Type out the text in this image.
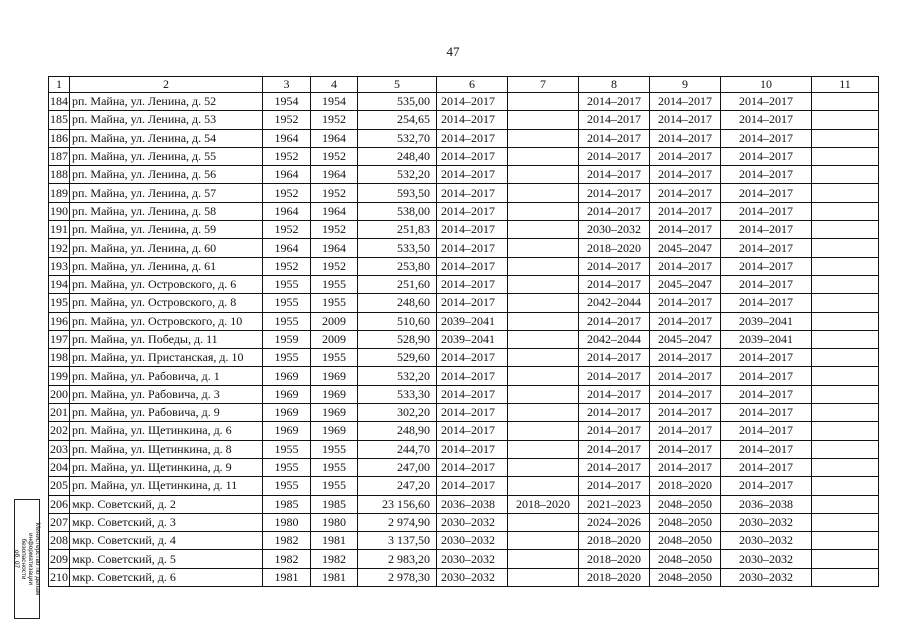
47
1	2	3	4	5	6	7	8	9	10	11
184	рп. Майна, ул. Ленина, д. 52	1954	1954	535,00	2014–2017		2014–2017	2014–2017	2014–2017	
185	рп. Майна, ул. Ленина, д. 53	1952	1952	254,65	2014–2017		2014–2017	2014–2017	2014–2017	
186	рп. Майна, ул. Ленина, д. 54	1964	1964	532,70	2014–2017		2014–2017	2014–2017	2014–2017	
187	рп. Майна, ул. Ленина, д. 55	1952	1952	248,40	2014–2017		2014–2017	2014–2017	2014–2017	
188	рп. Майна, ул. Ленина, д. 56	1964	1964	532,20	2014–2017		2014–2017	2014–2017	2014–2017	
189	рп. Майна, ул. Ленина, д. 57	1952	1952	593,50	2014–2017		2014–2017	2014–2017	2014–2017	
190	рп. Майна, ул. Ленина, д. 58	1964	1964	538,00	2014–2017		2014–2017	2014–2017	2014–2017	
191	рп. Майна, ул. Ленина, д. 59	1952	1952	251,83	2014–2017		2030–2032	2014–2017	2014–2017	
192	рп. Майна, ул. Ленина, д. 60	1964	1964	533,50	2014–2017		2018–2020	2045–2047	2014–2017	
193	рп. Майна, ул. Ленина, д. 61	1952	1952	253,80	2014–2017		2014–2017	2014–2017	2014–2017	
194	рп. Майна, ул. Островского, д. 6	1955	1955	251,60	2014–2017		2014–2017	2045–2047	2014–2017	
195	рп. Майна, ул. Островского, д. 8	1955	1955	248,60	2014–2017		2042–2044	2014–2017	2014–2017	
196	рп. Майна, ул. Островского, д. 10	1955	2009	510,60	2039–2041		2014–2017	2014–2017	2039–2041	
197	рп. Майна, ул. Победы, д. 11	1959	2009	528,90	2039–2041		2042–2044	2045–2047	2039–2041	
198	рп. Майна, ул. Пристанская, д. 10	1955	1955	529,60	2014–2017		2014–2017	2014–2017	2014–2017	
199	рп. Майна, ул. Рабовича, д. 1	1969	1969	532,20	2014–2017		2014–2017	2014–2017	2014–2017	
200	рп. Майна, ул. Рабовича, д. 3	1969	1969	533,30	2014–2017		2014–2017	2014–2017	2014–2017	
201	рп. Майна, ул. Рабовича, д. 9	1969	1969	302,20	2014–2017		2014–2017	2014–2017	2014–2017	
202	рп. Майна, ул. Щетинкина, д. 6	1969	1969	248,90	2014–2017		2014–2017	2014–2017	2014–2017	
203	рп. Майна, ул. Щетинкина, д. 8	1955	1955	244,70	2014–2017		2014–2017	2014–2017	2014–2017	
204	рп. Майна, ул. Щетинкина, д. 9	1955	1955	247,00	2014–2017		2014–2017	2014–2017	2014–2017	
205	рп. Майна, ул. Щетинкина, д. 11	1955	1955	247,20	2014–2017		2014–2017	2018–2020	2014–2017	
206	мкр. Советский, д. 2	1985	1985	23 156,60	2036–2038	2018–2020	2021–2023	2048–2050	2036–2038	
207	мкр. Советский, д. 3	1980	1980	2 974,90	2030–2032		2024–2026	2048–2050	2030–2032	
208	мкр. Советский, д. 4	1982	1981	3 137,50	2030–2032		2018–2020	2048–2050	2030–2032	
209	мкр. Советский, д. 5	1982	1982	2 983,20	2030–2032		2018–2020	2048–2050	2030–2032	
210	мкр. Советский, д. 6	1981	1981	2 978,30	2030–2032		2018–2020	2048–2050	2030–2032	
Министерство по делам
информатизации
безопасности
об. 07
